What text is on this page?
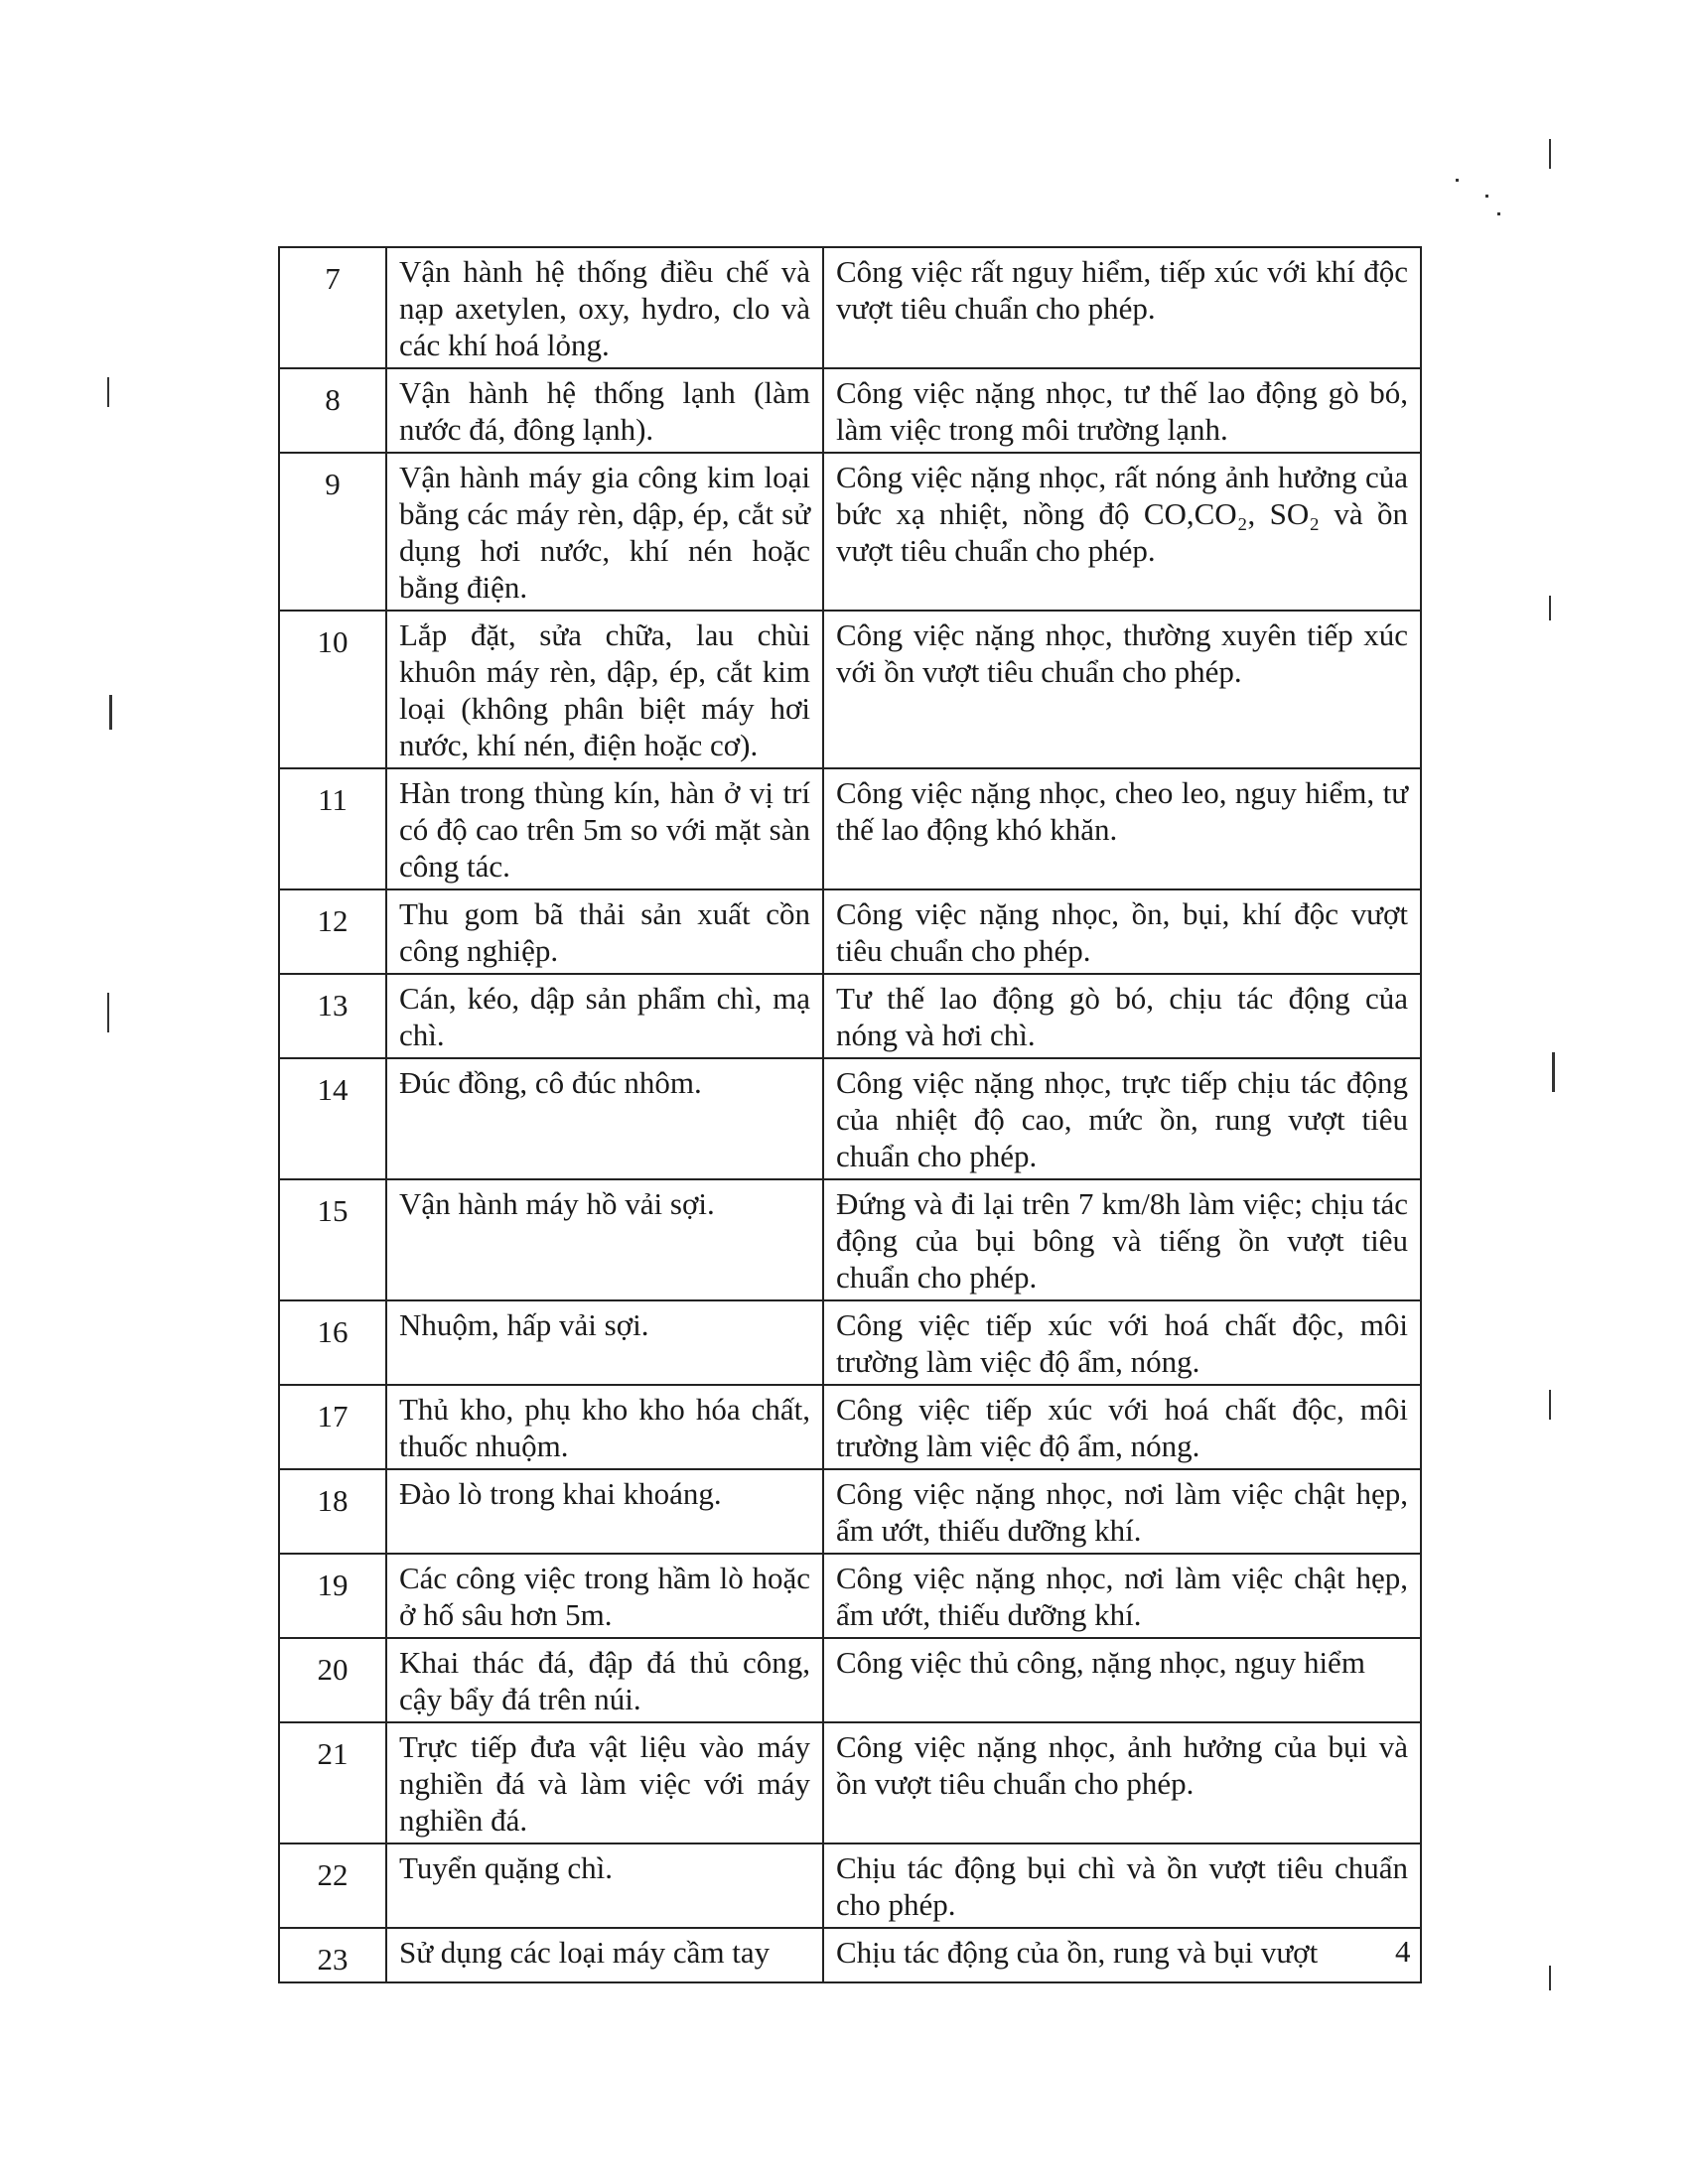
7	Vận hành hệ thống điều chế và nạp axetylen, oxy, hydro, clo và các khí hoá lỏng.	Công việc rất nguy hiểm, tiếp xúc với khí độc vượt tiêu chuẩn cho phép.
8	Vận hành hệ thống lạnh (làm nước đá, đông lạnh).	Công việc nặng nhọc, tư thế lao động gò bó, làm việc trong môi trường lạnh.
9	Vận hành máy gia công kim loại bằng các máy rèn, dập, ép, cắt sử dụng hơi nước, khí nén hoặc bằng điện.	Công việc nặng nhọc, rất nóng ảnh hưởng của bức xạ nhiệt, nồng độ CO,CO₂, SO₂ và ồn vượt tiêu chuẩn cho phép.
10	Lắp đặt, sửa chữa, lau chùi khuôn máy rèn, dập, ép, cắt kim loại (không phân biệt máy hơi nước, khí nén, điện hoặc cơ).	Công việc nặng nhọc, thường xuyên tiếp xúc với ồn vượt tiêu chuẩn cho phép.
11	Hàn trong thùng kín, hàn ở vị trí có độ cao trên 5m so với mặt sàn công tác.	Công việc nặng nhọc, cheo leo, nguy hiểm, tư thế lao động khó khăn.
12	Thu gom bã thải sản xuất cồn công nghiệp.	Công việc nặng nhọc, ồn, bụi, khí độc vượt tiêu chuẩn cho phép.
13	Cán, kéo, dập sản phẩm chì, mạ chì.	Tư thế lao động gò bó, chịu tác động của nóng và hơi chì.
14	Đúc đồng, cô đúc nhôm.	Công việc nặng nhọc, trực tiếp chịu tác động của nhiệt độ cao, mức ồn, rung vượt tiêu chuẩn cho phép.
15	Vận hành máy hồ vải sợi.	Đứng và đi lại trên 7 km/8h làm việc; chịu tác động của bụi bông và tiếng ồn vượt tiêu chuẩn cho phép.
16	Nhuộm, hấp vải sợi.	Công việc tiếp xúc với hoá chất độc, môi trường làm việc độ ẩm, nóng.
17	Thủ kho, phụ kho kho hóa chất, thuốc nhuộm.	Công việc tiếp xúc với hoá chất độc, môi trường làm việc độ ẩm, nóng.
18	Đào lò trong khai khoáng.	Công việc nặng nhọc, nơi làm việc chật hẹp, ẩm ướt, thiếu dưỡng khí.
19	Các công việc trong hầm lò hoặc ở hố sâu hơn 5m.	Công việc nặng nhọc, nơi làm việc chật hẹp, ẩm ướt, thiếu dưỡng khí.
20	Khai thác đá, đập đá thủ công, cậy bẩy đá trên núi.	Công việc thủ công, nặng nhọc, nguy hiểm
21	Trực tiếp đưa vật liệu vào máy nghiền đá và làm việc với máy nghiền đá.	Công việc nặng nhọc, ảnh hưởng của bụi và ồn vượt tiêu chuẩn cho phép.
22	Tuyển quặng chì.	Chịu tác động bụi chì và ồn vượt tiêu chuẩn cho phép.
23	Sử dụng các loại máy cầm tay	Chịu tác động của ồn, rung và bụi vượt	4
